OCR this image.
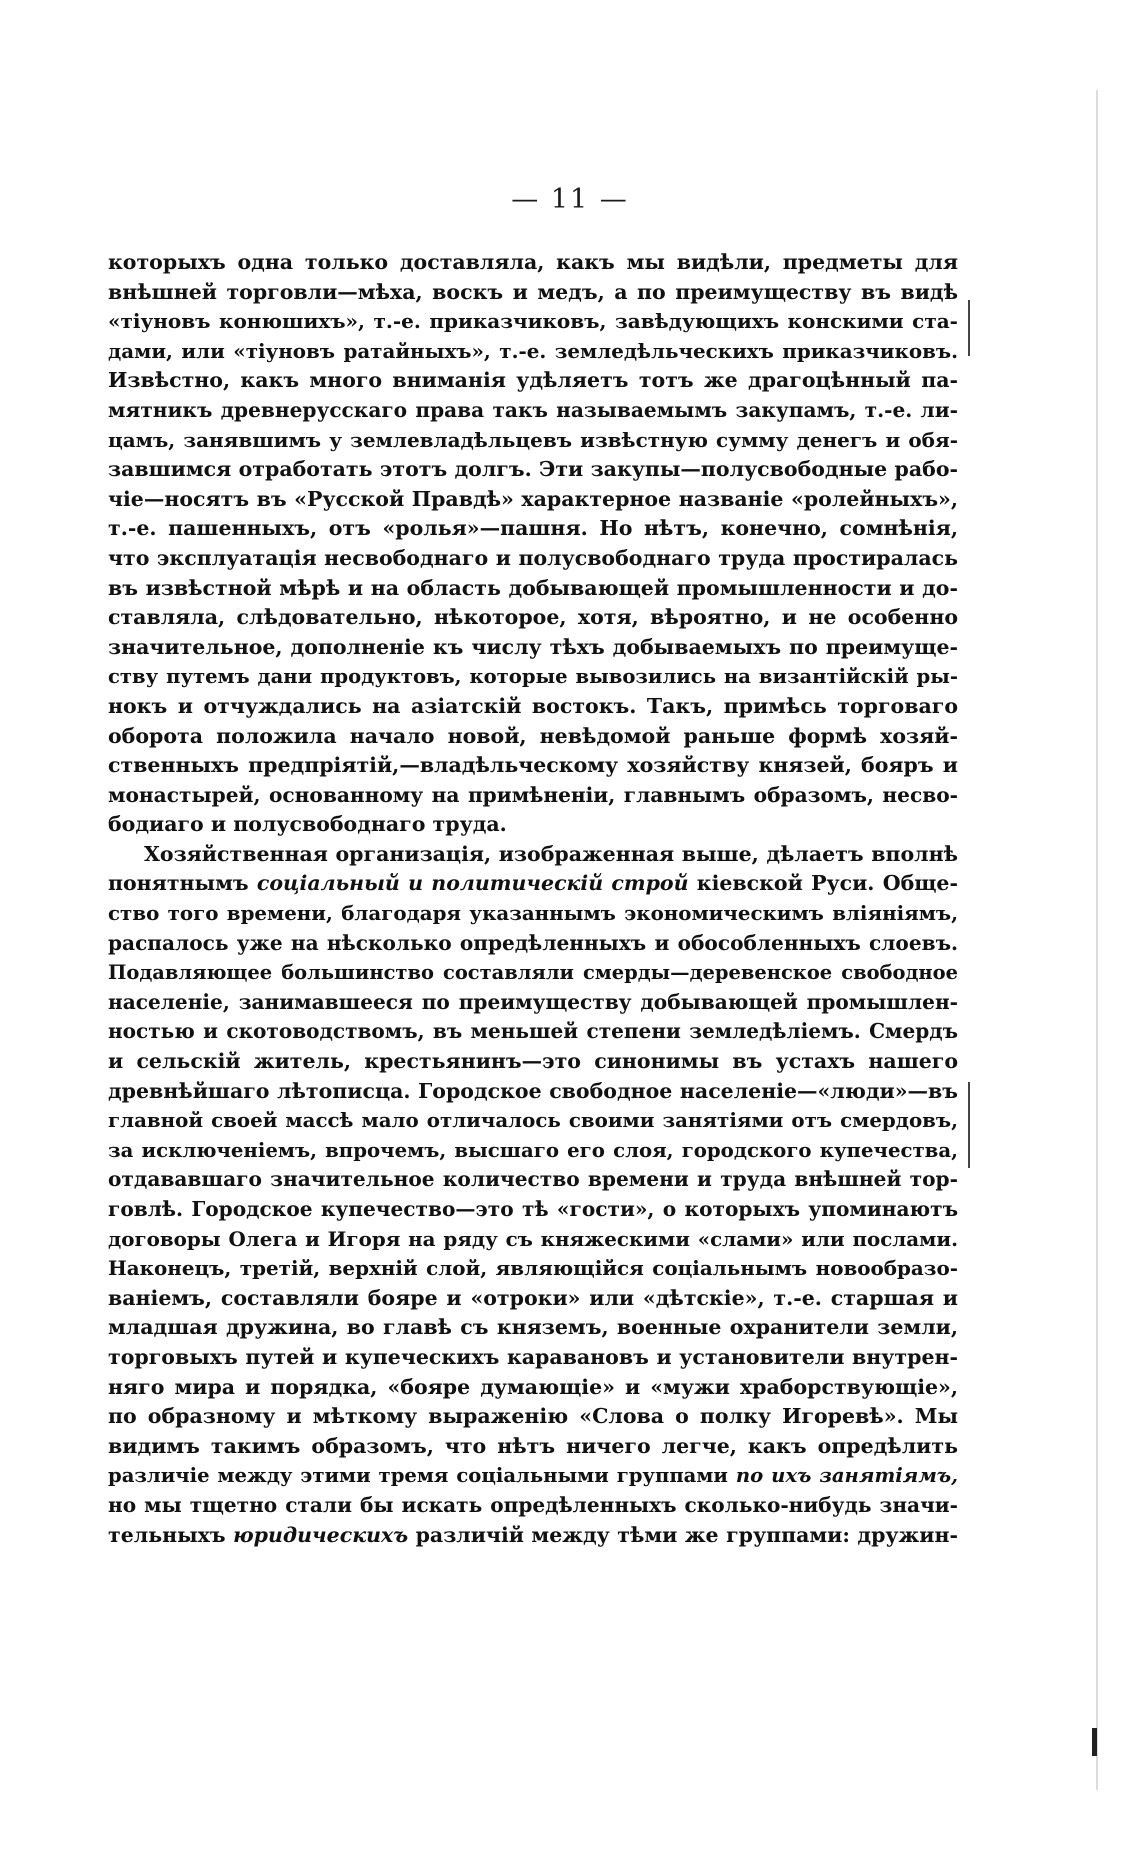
— 11 —
которыхъ одна только доставляла, какъ мы видѣли, предметы для
внѣшней торговли—мѣха, воскъ и медъ, а по преимуществу въ видѣ
«тіуновъ конюшихъ», т.-е. приказчиковъ, завѣдующихъ конскими ста-
дами, или «тіуновъ ратайныхъ», т.-е. земледѣльческихъ приказчиковъ.
Извѣстно, какъ много вниманія удѣляетъ тотъ же драгоцѣнный па-
мятникъ древнерусскаго права такъ называемымъ закупамъ, т.-е. ли-
цамъ, занявшимъ у землевладѣльцевъ извѣстную сумму денегъ и обя-
завшимся отработать этотъ долгъ. Эти закупы—полусвободные рабо-
чіе—носятъ въ «Русской Правдѣ» характерное названіе «ролейныхъ»,
т.-е. пашенныхъ, отъ «ролья»—пашня. Но нѣтъ, конечно, сомнѣнія,
что эксплуатація несвободнаго и полусвободнаго труда простиралась
въ извѣстной мѣрѣ и на область добывающей промышленности и до-
ставляла, слѣдовательно, нѣкоторое, хотя, вѣроятно, и не особенно
значительное, дополненіе къ числу тѣхъ добываемыхъ по преимуще-
ству путемъ дани продуктовъ, которые вывозились на византійскій ры-
нокъ и отчуждались на азіатскій востокъ. Такъ, примѣсь торговаго
оборота положила начало новой, невѣдомой раньше формѣ хозяй-
ственныхъ предпріятій,—владѣльческому хозяйству князей, бояръ и
монастырей, основанному на примѣненіи, главнымъ образомъ, несво-
бодиаго и полусвободнаго труда.
Хозяйственная организація, изображенная выше, дѣлаетъ вполнѣ
понятнымъ соціальный и политическій строй кіевской Руси. Обще-
ство того времени, благодаря указаннымъ экономическимъ вліяніямъ,
распалось уже на нѣсколько опредѣленныхъ и обособленныхъ слоевъ.
Подавляющее большинство составляли смерды—деревенское свободное
населеніе, занимавшееся по преимуществу добывающей промышлен-
ностью и скотоводствомъ, въ меньшей степени земледѣліемъ. Смердъ
и сельскій житель, крестьянинъ—это синонимы въ устахъ нашего
древнѣйшаго лѣтописца. Городское свободное населеніе—«люди»—въ
главной своей массѣ мало отличалось своими занятіями отъ смердовъ,
за исключеніемъ, впрочемъ, высшаго его слоя, городского купечества,
отдававшаго значительное количество времени и труда внѣшней тор-
говлѣ. Городское купечество—это тѣ «гости», о которыхъ упоминаютъ
договоры Олега и Игоря на ряду съ княжескими «слами» или послами.
Наконецъ, третій, верхній слой, являющійся соціальнымъ новообразо-
ваніемъ, составляли бояре и «отроки» или «дѣтскіе», т.-е. старшая и
младшая дружина, во главѣ съ княземъ, военные охранители земли,
торговыхъ путей и купеческихъ каравановъ и установители внутрен-
няго мира и порядка, «бояре думающіе» и «мужи храборствующіе»,
по образному и мѣткому выраженію «Слова о полку Игоревѣ». Мы
видимъ такимъ образомъ, что нѣтъ ничего легче, какъ опредѣлить
различіе между этими тремя соціальными группами по ихъ занятіямъ,
но мы тщетно стали бы искать опредѣленныхъ сколько-нибудь значи-
тельныхъ юридическихъ различій между тѣми же группами: дружин-
